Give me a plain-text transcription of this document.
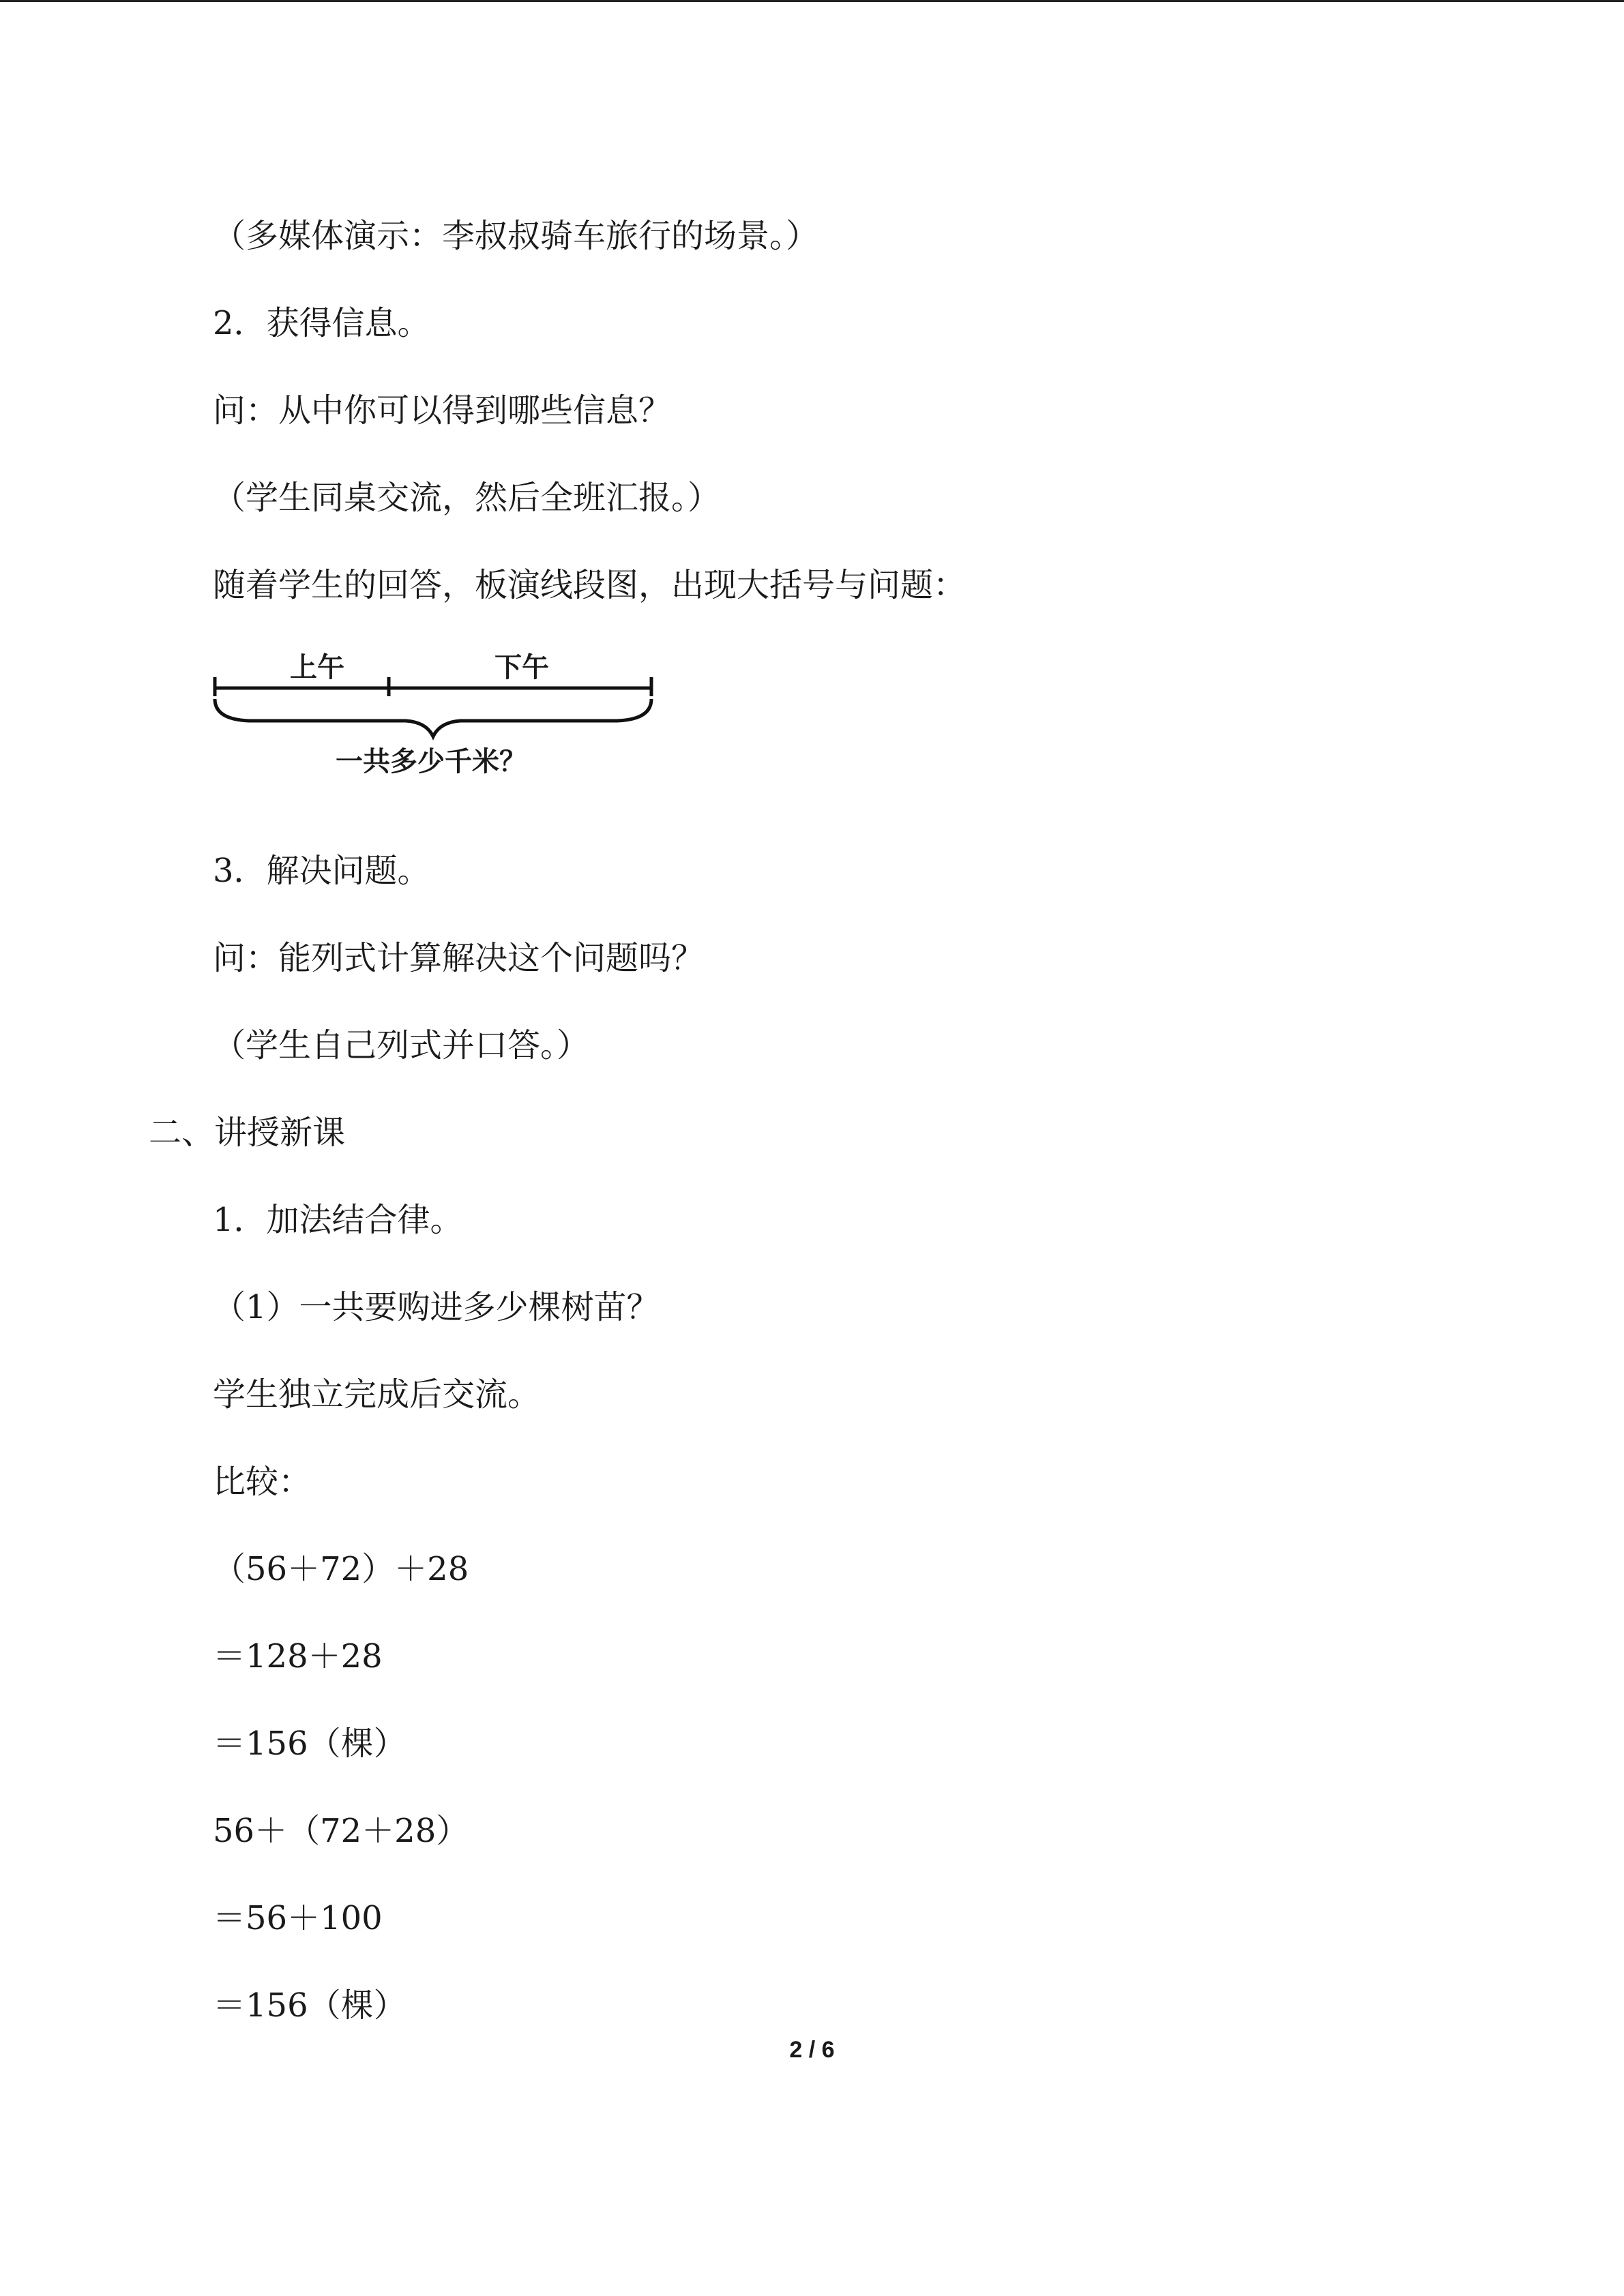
（多媒体演示：李叔叔骑车旅行的场景。）
2．获得信息。
问：从中你可以得到哪些信息？
（学生同桌交流，然后全班汇报。）
随着学生的回答，板演线段图，出现大括号与问题：
上午	下午
一共多少千米？
3．解决问题。
问：能列式计算解决这个问题吗？
（学生自己列式并口答。）
二、讲授新课
1．加法结合律。
（1）一共要购进多少棵树苗？
学生独立完成后交流。
比较：
（56＋72）＋28
＝128＋28
＝156（棵）
56＋（72＋28）
＝56＋100
＝156（棵）
2 / 6
